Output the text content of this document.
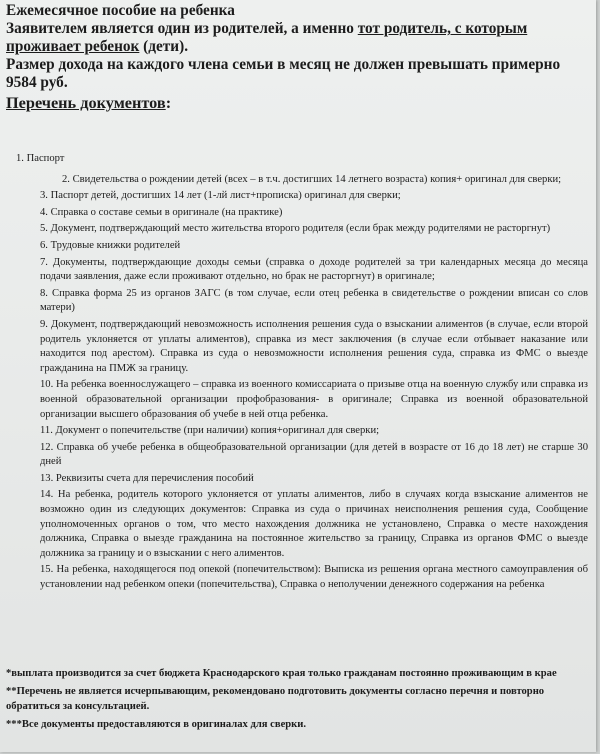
Ежемесячное пособие на ребенка

Заявителем является один из родителей, а именно тот родитель, с которым проживает ребенок (дети).

Размер дохода на каждого члена семьи в месяц не должен превышать примерно 9584 руб.

Перечень документов:

1. Паспорт
2. Свидетельства о рождении детей (всех – в т.ч. достигших 14 летнего возраста) копия+ оригинал для сверки;
3. Паспорт детей, достигших 14 лет (1-лй лист+прописка) оригинал для сверки;
4. Справка о составе семьи в оригинале (на практике)
5. Документ, подтверждающий место жительства второго родителя (если брак между родителями не расторгнут)
6. Трудовые книжки родителей
7. Документы, подтверждающие доходы семьи (справка о доходе родителей за три календарных месяца до месяца подачи заявления, даже если проживают отдельно, но брак не расторгнут) в оригинале;
8. Справка форма 25 из органов ЗАГС (в том случае, если отец ребенка в свидетельстве о рождении вписан со слов матери)
9. Документ, подтверждающий невозможность исполнения решения суда о взыскании алиментов (в случае, если второй родитель уклоняется от уплаты алиментов), справка из мест заключения (в случае если отбывает наказание или находится под арестом). Справка из суда о невозможности исполнения решения суда, справка из ФМС о выезде гражданина на ПМЖ за границу.
10. На ребенка военнослужащего – справка из военного комиссариата о призыве отца на военную службу или справка из военной образовательной организации профобразования- в оригинале; Справка из военной образовательной организации высшего образования об учебе в ней отца ребенка.
11. Документ о попечительстве (при наличии) копия+оригинал для сверки;
12. Справка об учебе ребенка в общеобразовательной организации (для детей в возрасте от 16 до 18 лет) не старше 30 дней
13. Реквизиты счета для перечисления пособий
14. На ребенка, родитель которого уклоняется от уплаты алиментов, либо в случаях когда взыскание алиментов не возможно один из следующих документов: Справка из суда о причинах неисполнения решения суда, Сообщение уполномоченных органов о том, что место нахождения должника не установлено, Справка о месте нахождения должника, Справка о выезде гражданина на постоянное жительство за границу, Справка из органов ФМС о выезде должника за границу и о взыскании с него алиментов.
15. На ребенка, находящегося под опекой (попечительством): Выписка из решения органа местного самоуправления об установлении над ребенком опеки (попечительства), Справка о неполучении денежного содержания на ребенка

*выплата производится за счет бюджета Краснодарского края только гражданам постоянно проживающим в крае

**Перечень не является исчерпывающим, рекомендовано подготовить документы согласно перечня и повторно обратиться за консультацией.

***Все документы предоставляются в оригиналах для сверки.
